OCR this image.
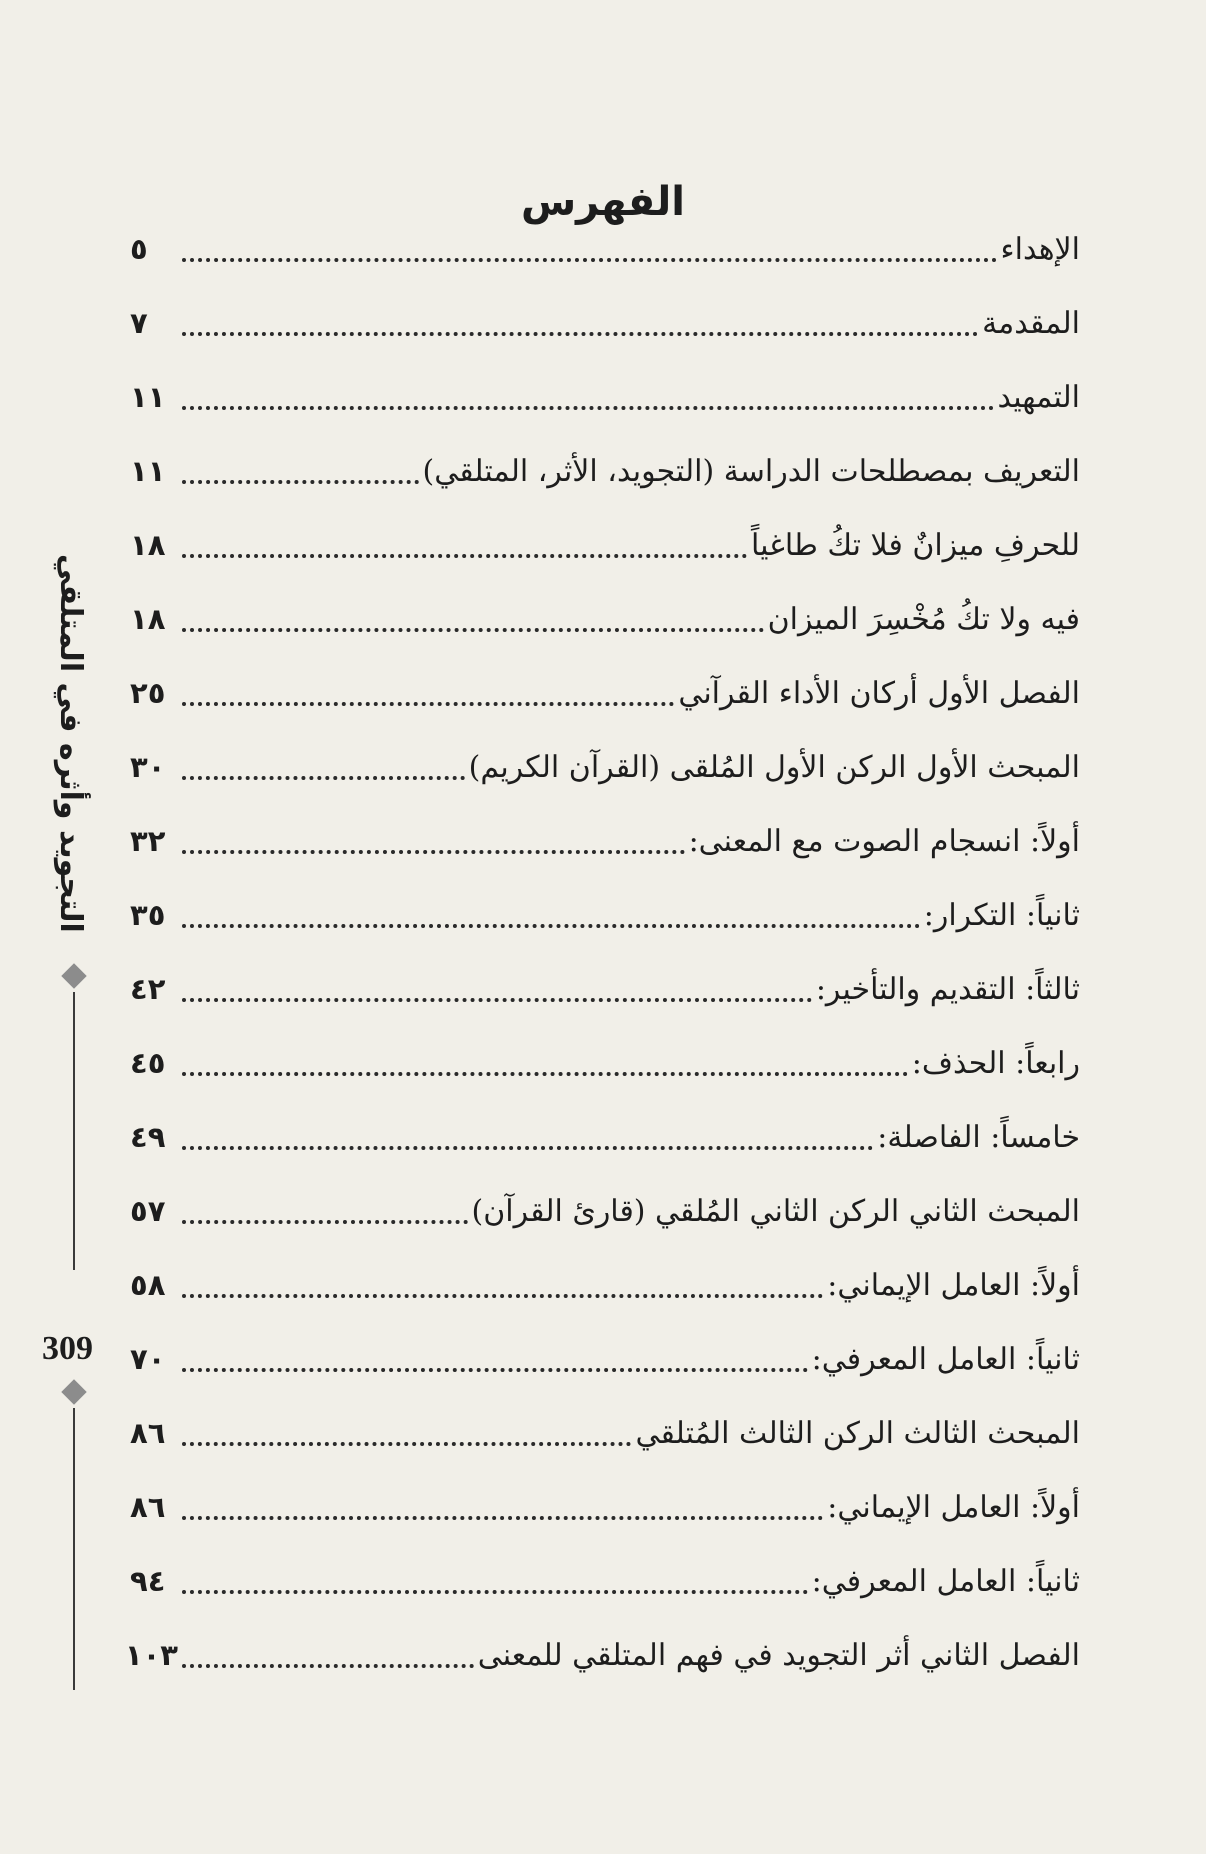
الفهرس
٥	الإهداء
٧	المقدمة
١١	التمهيد
١١	التعريف بمصطلحات الدراسة (التجويد، الأثر، المتلقي)
١٨	للحرفِ ميزانٌ فلا تكُ طاغياً
١٨	فيه ولا تكُ مُخْسِرَ الميزان
٢٥	الفصل الأول أركان الأداء القرآني
٣٠	المبحث الأول الركن الأول المُلقى (القرآن الكريم)
٣٢	أولاً: انسجام الصوت مع المعنى:
٣٥	ثانياً: التكرار:
٤٢	ثالثاً: التقديم والتأخير:
٤٥	رابعاً: الحذف:
٤٩	خامساً: الفاصلة:
٥٧	المبحث الثاني الركن الثاني المُلقي (قارئ القرآن)
٥٨	أولاً: العامل الإيماني:
٧٠	ثانياً: العامل المعرفي:
٨٦	المبحث الثالث الركن الثالث المُتلقي
٨٦	أولاً: العامل الإيماني:
٩٤	ثانياً: العامل المعرفي:
١٠٣	الفصل الثاني أثر التجويد في فهم المتلقي للمعنى
التجويد وأثره في المتلقي
309
